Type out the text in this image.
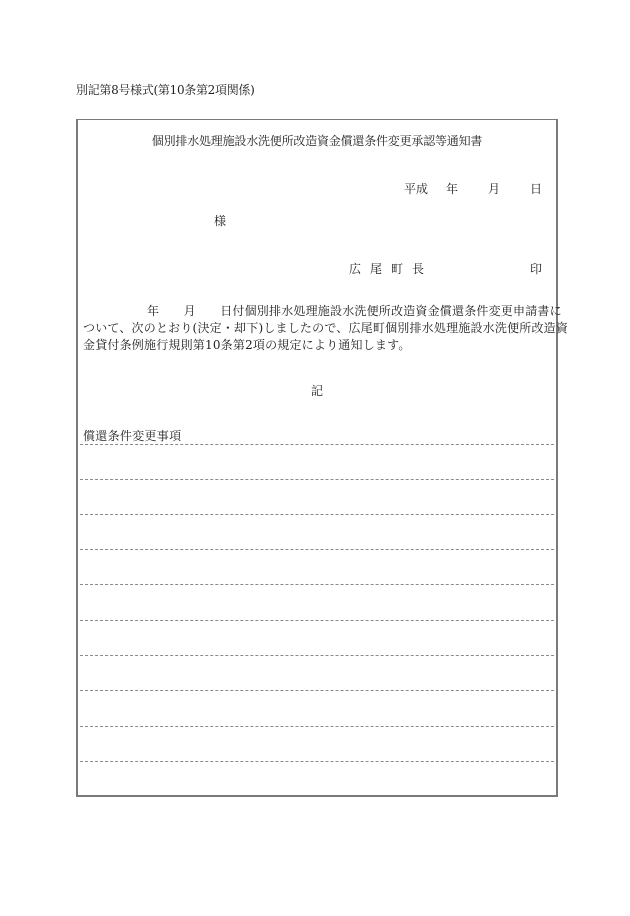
別記第8号様式(第10条第2項関係)
個別排水処理施設水洗便所改造資金償還条件変更承認等通知書
平成 年	月	日
様
広尾町長	印
年　　月　　日付個別排水処理施設水洗便所改造資金償還条件変更申請書に
ついて、次のとおり(決定・却下)しましたので、広尾町個別排水処理施設水洗便所改造資
金貸付条例施行規則第10条第2項の規定により通知します。
記
償還条件変更事項
